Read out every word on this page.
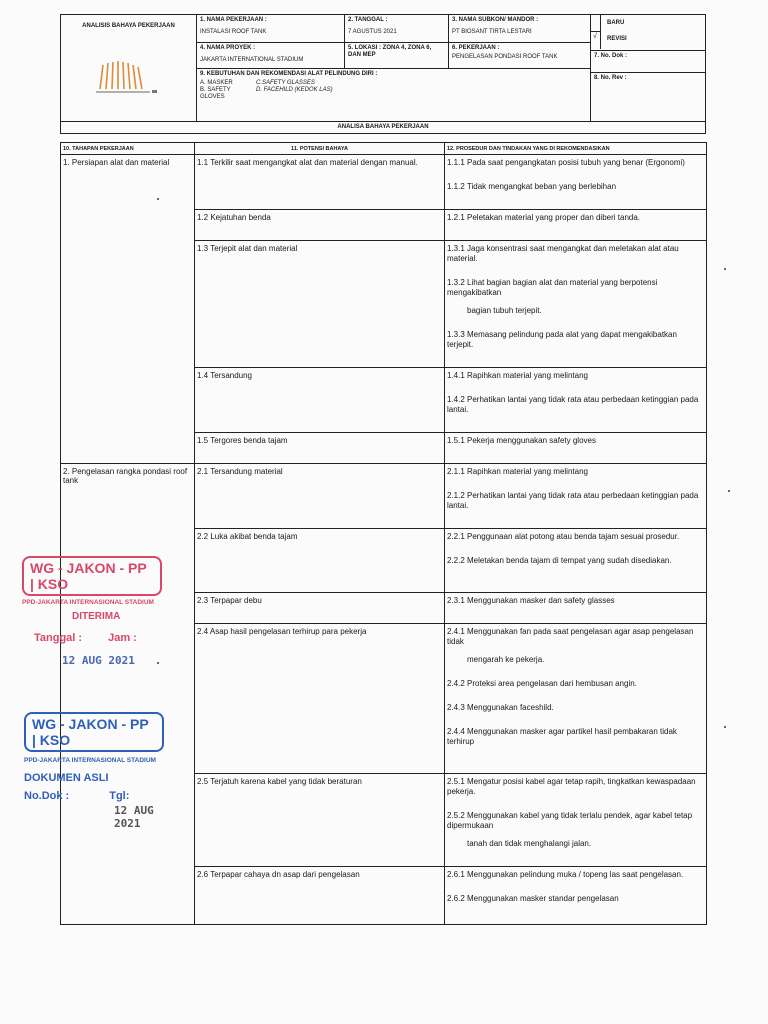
ANALISIS BAHAYA PEKERJAAN
1. NAMA PEKERJAAN :
INSTALASI ROOF TANK
2. TANGGAL :
7 AGUSTUS 2021
3. NAMA SUBKON/ MANDOR :
PT BIOSANT TIRTA LESTARI
√
BARU
REVISI
4. NAMA PROYEK :
JAKARTA INTERNATIONAL STADIUM
5. LOKASI : ZONA 4, ZONA 6, DAN MEP
6. PEKERJAAN :
PENGELASAN PONDASI ROOF TANK	7. No. Dok :
9. KEBUTUHAN DAN REKOMENDASI ALAT PELINDUNG DIRI :
A. MASKER
B. SAFETY GLOVES
C.SAFETY GLASSES
D. FACEHILD (KEDOK LAS)
8. No. Rev :
ANALISA BAHAYA PEKERJAAN
10. TAHAPAN PEKERJAAN	11. POTENSI BAHAYA	12. PROSEDUR DAN TINDAKAN YANG DI REKOMENDASIKAN
1. Persiapan alat dan material	1.1 Terkilir saat mengangkat alat dan material dengan manual.	1.1.1 Pada saat pengangkatan posisi tubuh yang benar (Ergonomi)
1.1.2 Tidak mengangkat beban yang berlebihan

	1.2 Kejatuhan benda	1.2.1 Peletakan material yang proper dan diberi tanda.

	1.3 Terjepit alat dan material	1.3.1 Jaga konsentrasi saat mengangkat dan meletakan alat atau material.
1.3.2 Lihat bagian bagian alat dan material yang berpotensi mengakibatkan
bagian tubuh terjepit.
1.3.3 Memasang pelindung pada alat yang dapat mengakibatkan terjepit.

	1.4 Tersandung	1.4.1 Rapihkan material yang melintang
1.4.2 Perhatikan lantai yang tidak rata atau perbedaan ketinggian pada lantai.

	1.5 Tergores benda tajam	1.5.1 Pekerja menggunakan safety gloves

2. Pengelasan rangka pondasi roof tank	2.1 Tersandung material	2.1.1 Rapihkan material yang melintang
2.1.2 Perhatikan lantai yang tidak rata atau perbedaan ketinggian pada lantai.

	2.2 Luka akibat benda tajam	2.2.1 Penggunaan alat potong atau benda tajam sesuai prosedur.
2.2.2 Meletakan benda tajam di tempat yang sudah disediakan.

	2.3 Terpapar debu	2.3.1 Menggunakan masker dan safety glasses

	2.4 Asap hasil pengelasan terhirup para pekerja	2.4.1 Menggunakan fan pada saat pengelasan agar asap pengelasan tidak
mengarah ke pekerja.
2.4.2 Proteksi area pengelasan dari hembusan angin.
2.4.3 Menggunakan faceshild.
2.4.4 Menggunakan masker agar partikel hasil pembakaran tidak terhirup

	2.5 Terjatuh karena kabel yang tidak beraturan	2.5.1 Mengatur posisi kabel agar tetap rapih, tingkatkan kewaspadaan pekerja.
2.5.2 Menggunakan kabel yang tidak terlalu pendek, agar kabel tetap dipermukaan
tanah dan tidak menghalangi jalan.

	2.6 Terpapar cahaya dn asap dari pengelasan	2.6.1 Menggunakan pelindung muka / topeng las saat pengelasan.
2.6.2 Menggunakan masker standar pengelasan
WG - JAKON - PP | KSO
PPD-JAKARTA INTERNASIONAL STADIUM
DITERIMA
Tanggal : Jam :
12 AUG 2021
WG - JAKON - PP | KSO
PPD-JAKARTA INTERNASIONAL STADIUM
DOKUMEN ASLI
No.Dok :	Tgl:
12 AUG 2021
